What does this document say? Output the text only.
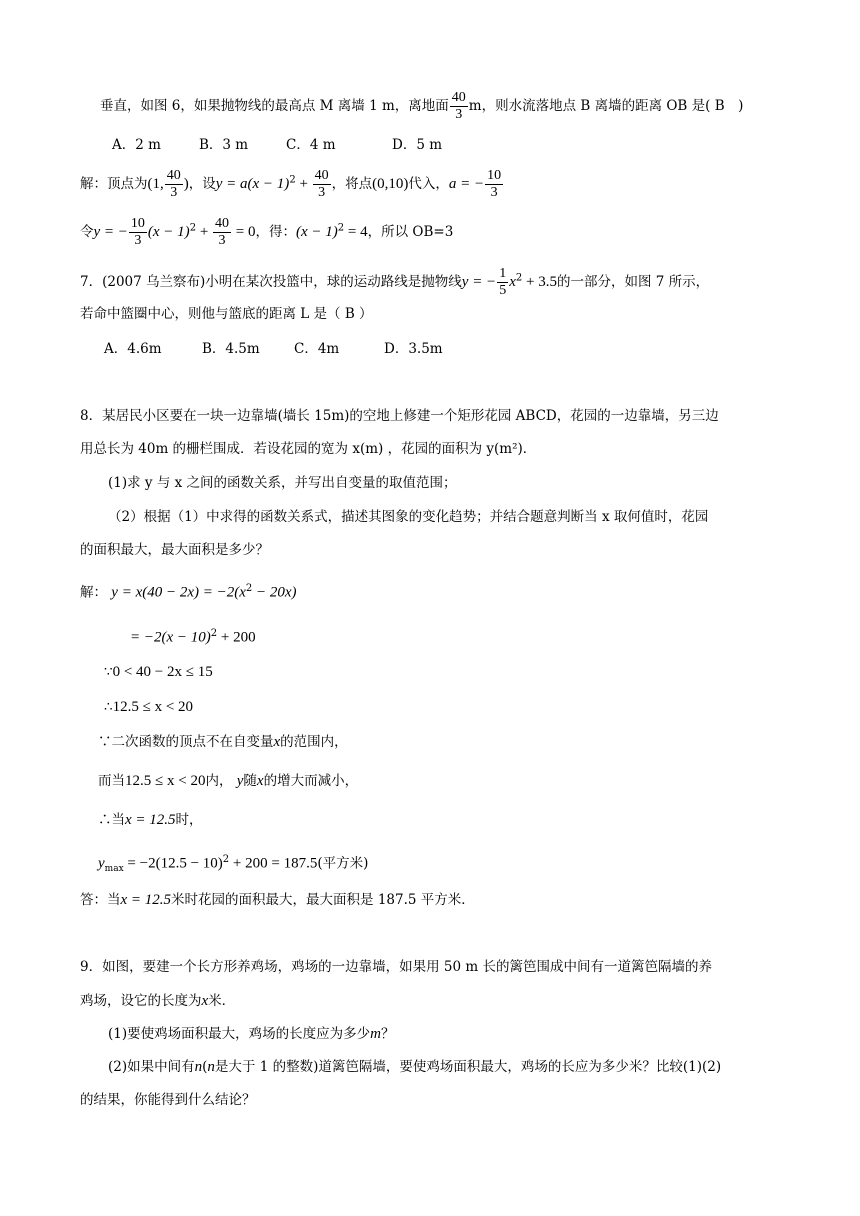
垂直，如图 6，如果抛物线的最高点 M 离墙 1 m，离地面 $\frac{40}{3}$ m，则水流落地点 B 离墙的距离 OB 是( B　)
A．2 m	B．3 m	C．4 m	D．5 m
解：顶点为(1, $\frac{40}{3}$ )，设$y = a(x - 1)^2 + \frac{40}{3}$ ，将点(0,10)代入，a = − $\frac{10}{3}$
令y = − $\frac{10}{3} (x - 1)^2 + \frac{40}{3} = 0$，得：$(x - 1)^2 = 4$，所以 OB=3
7．(2007 乌兰察布)小明在某次投篮中，球的运动路线是抛物线y = − $\frac{1}{5} x^2 + 3.5$的一部分，如图 7 所示，
若命中篮圈中心，则他与篮底的距离 L 是（ B ）
A．4.6m	B．4.5m	C．4m	D．3.5m
8．某居民小区要在一块一边靠墙(墙长 15m)的空地上修建一个矩形花园 ABCD，花园的一边靠墙，另三边
用总长为 40m 的栅栏围成．若设花园的宽为 x(m) ，花园的面积为 y(m²)．
(1)求 y 与 x 之间的函数关系，并写出自变量的取值范围；
（2）根据（1）中求得的函数关系式，描述其图象的变化趋势；并结合题意判断当 x 取何值时，花园
的面积最大，最大面积是多少？
解： $y = x(40 - 2x) = -2(x^2 - 20x)$
= $-2(x - 10)^2 + 200$
∵0 < 40 − 2x ≤ 15
∴12.5 ≤ x < 20
∵二次函数的顶点不在自变量x的范围内，
而当12.5 ≤ x < 20内， y随x的增大而减小，
∴当x = 12.5时，
$y_{max} = -2(12.5 - 10)^2 + 200 = 187.5$(平方米)
答：当x = 12.5米时花园的面积最大，最大面积是 187.5 平方米．
9．如图，要建一个长方形养鸡场，鸡场的一边靠墙，如果用 50 m 长的篱笆围成中间有一道篱笆隔墙的养
鸡场，设它的长度为x米．
(1)要使鸡场面积最大，鸡场的长度应为多少m？
(2)如果中间有n(n是大于 1 的整数)道篱笆隔墙，要使鸡场面积最大，鸡场的长应为多少米？比较(1)(2)
的结果，你能得到什么结论？
